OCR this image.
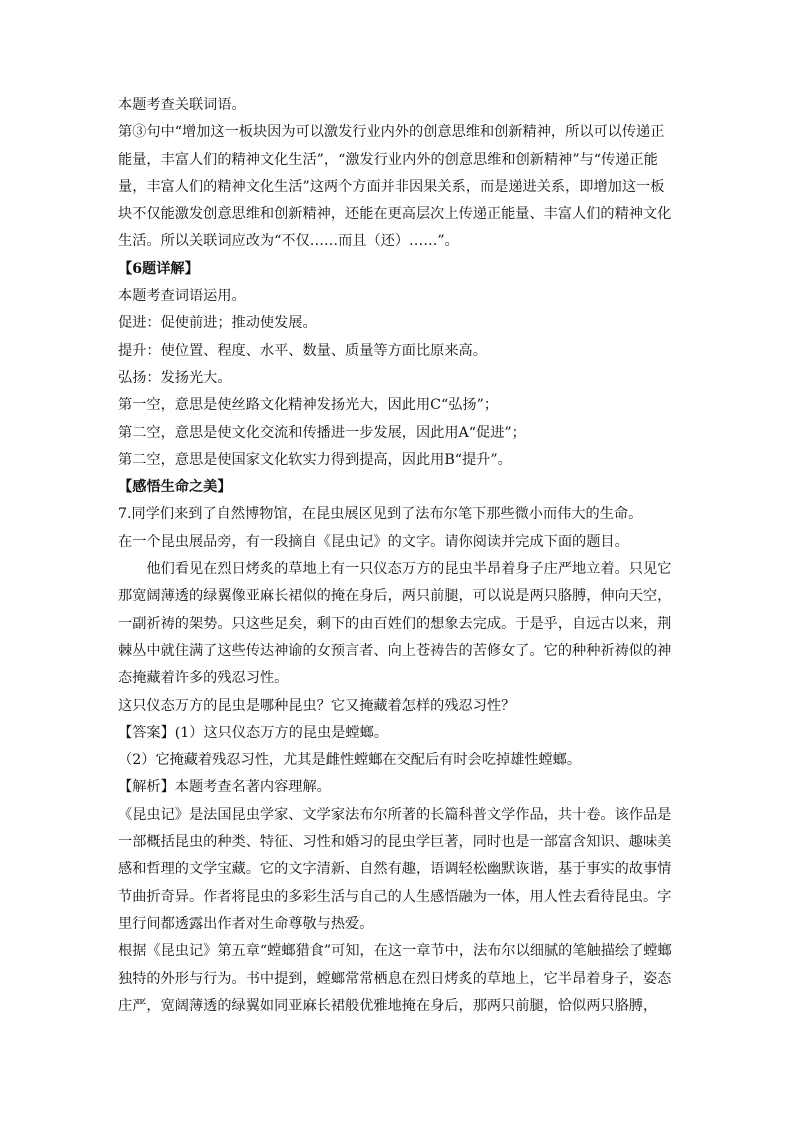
本题考查关联词语。

第③句中“增加这一板块因为可以激发行业内外的创意思维和创新精神，所以可以传递正能量，丰富人们的精神文化生活”，“激发行业内外的创意思维和创新精神”与“传递正能量，丰富人们的精神文化生活”这两个方面并非因果关系，而是递进关系，即增加这一板块不仅能激发创意思维和创新精神，还能在更高层次上传递正能量、丰富人们的精神文化生活。所以关联词应改为“不仅……而且（还）……”。

【6题详解】

本题考查词语运用。

促进：促使前进；推动使发展。

提升：使位置、程度、水平、数量、质量等方面比原来高。

弘扬：发扬光大。

第一空，意思是使丝路文化精神发扬光大，因此用C“弘扬”；

第二空，意思是使文化交流和传播进一步发展，因此用A“促进”；

第二空，意思是使国家文化软实力得到提高，因此用B“提升”。

【感悟生命之美】

7.同学们来到了自然博物馆，在昆虫展区见到了法布尔笔下那些微小而伟大的生命。

在一个昆虫展品旁，有一段摘自《昆虫记》的文字。请你阅读并完成下面的题目。

他们看见在烈日烤炙的草地上有一只仪态万方的昆虫半昂着身子庄严地立着。只见它那宽阔薄透的绿翼像亚麻长裙似的掩在身后，两只前腿，可以说是两只胳膊，伸向天空，一副祈祷的架势。只这些足矣，剩下的由百姓们的想象去完成。于是乎，自远古以来，荆棘丛中就住满了这些传达神谕的女预言者、向上苍祷告的苦修女了。它的种种祈祷似的神态掩藏着许多的残忍习性。

这只仪态万方的昆虫是哪种昆虫？它又掩藏着怎样的残忍习性？

【答案】(1）这只仪态万方的昆虫是螳螂。

（2）它掩藏着残忍习性，尤其是雌性螳螂在交配后有时会吃掉雄性螳螂。

【解析】本题考查名著内容理解。

《昆虫记》是法国昆虫学家、文学家法布尔所著的长篇科普文学作品，共十卷。该作品是一部概括昆虫的种类、特征、习性和婚习的昆虫学巨著，同时也是一部富含知识、趣味美感和哲理的文学宝藏。它的文字清新、自然有趣，语调轻松幽默诙谐，基于事实的故事情节曲折奇异。作者将昆虫的多彩生活与自己的人生感悟融为一体，用人性去看待昆虫。字里行间都透露出作者对生命尊敬与热爱。

根据《昆虫记》第五章“螳螂猎食”可知，在这一章节中，法布尔以细腻的笔触描绘了螳螂独特的外形与行为。书中提到，螳螂常常栖息在烈日烤炙的草地上，它半昂着身子，姿态庄严，宽阔薄透的绿翼如同亚麻长裙般优雅地掩在身后，那两只前腿，恰似两只胳膊，
